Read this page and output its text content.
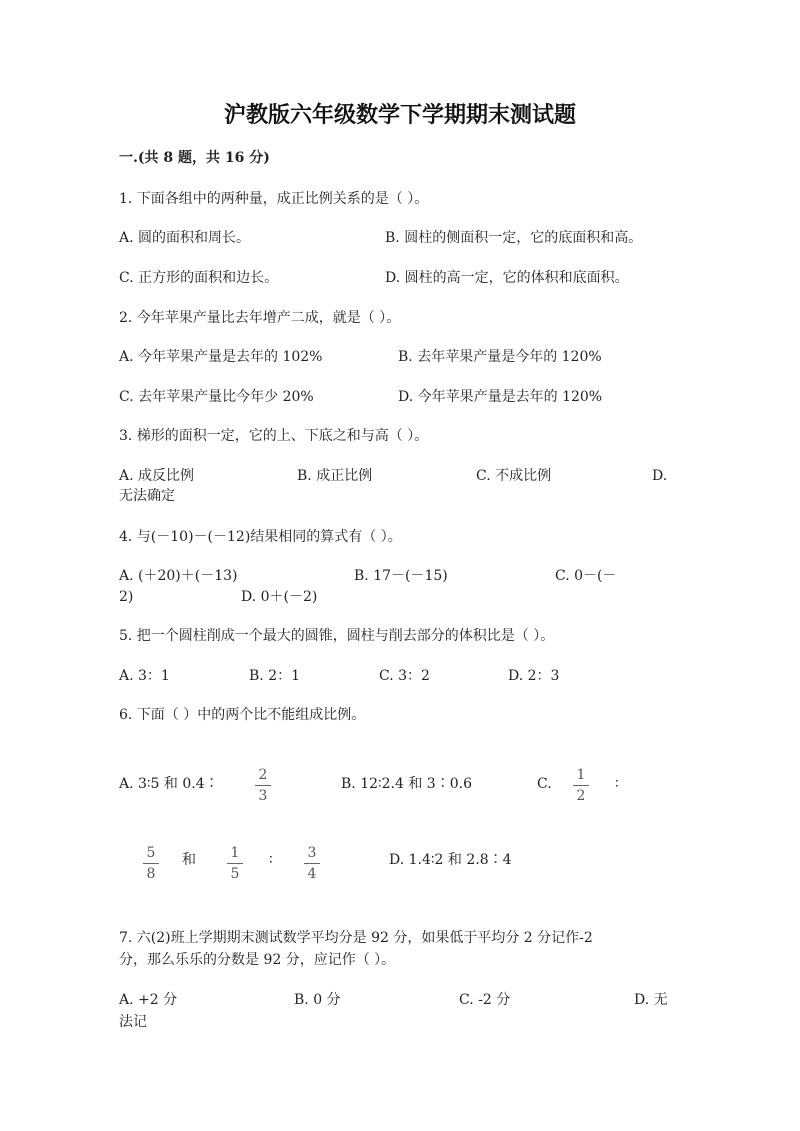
沪教版六年级数学下学期期末测试题
一.(共 8 题，共 16 分)
1. 下面各组中的两种量，成正比例关系的是（ ）。
A. 圆的面积和周长。	B. 圆柱的侧面积一定，它的底面积和高。
C. 正方形的面积和边长。	D. 圆柱的高一定，它的体积和底面积。
2. 今年苹果产量比去年增产二成，就是（ ）。
A. 今年苹果产量是去年的 102%	B. 去年苹果产量是今年的 120%
C. 去年苹果产量比今年少 20%	D. 今年苹果产量是去年的 120%
3. 梯形的面积一定，它的上、下底之和与高（ ）。
A. 成反比例	B. 成正比例	C. 不成比例	D.
无法确定
4. 与(－10)－(－12)结果相同的算式有（ ）。
A. (＋20)＋(－13)	B. 17－(－15)	C. 0－(－
2)	D. 0＋(－2)
5. 把一个圆柱削成一个最大的圆锥，圆柱与削去部分的体积比是（ ）。
A. 3：1	B. 2：1	C. 3：2	D. 2：3
6. 下面（ ）中的两个比不能组成比例。
A. 3∶5 和 0.4∶
2
3
B. 12∶2.4 和 3∶0.6	C.
1
2
∶
5
8
和	1
5
∶	3
4
D. 1.4∶2 和 2.8∶4
7. 六(2)班上学期期末测试数学平均分是 92 分，如果低于平均分 2 分记作-2
分，那么乐乐的分数是 92 分，应记作（ ）。
A. +2 分	B. 0 分	C. -2 分	D. 无
法记
